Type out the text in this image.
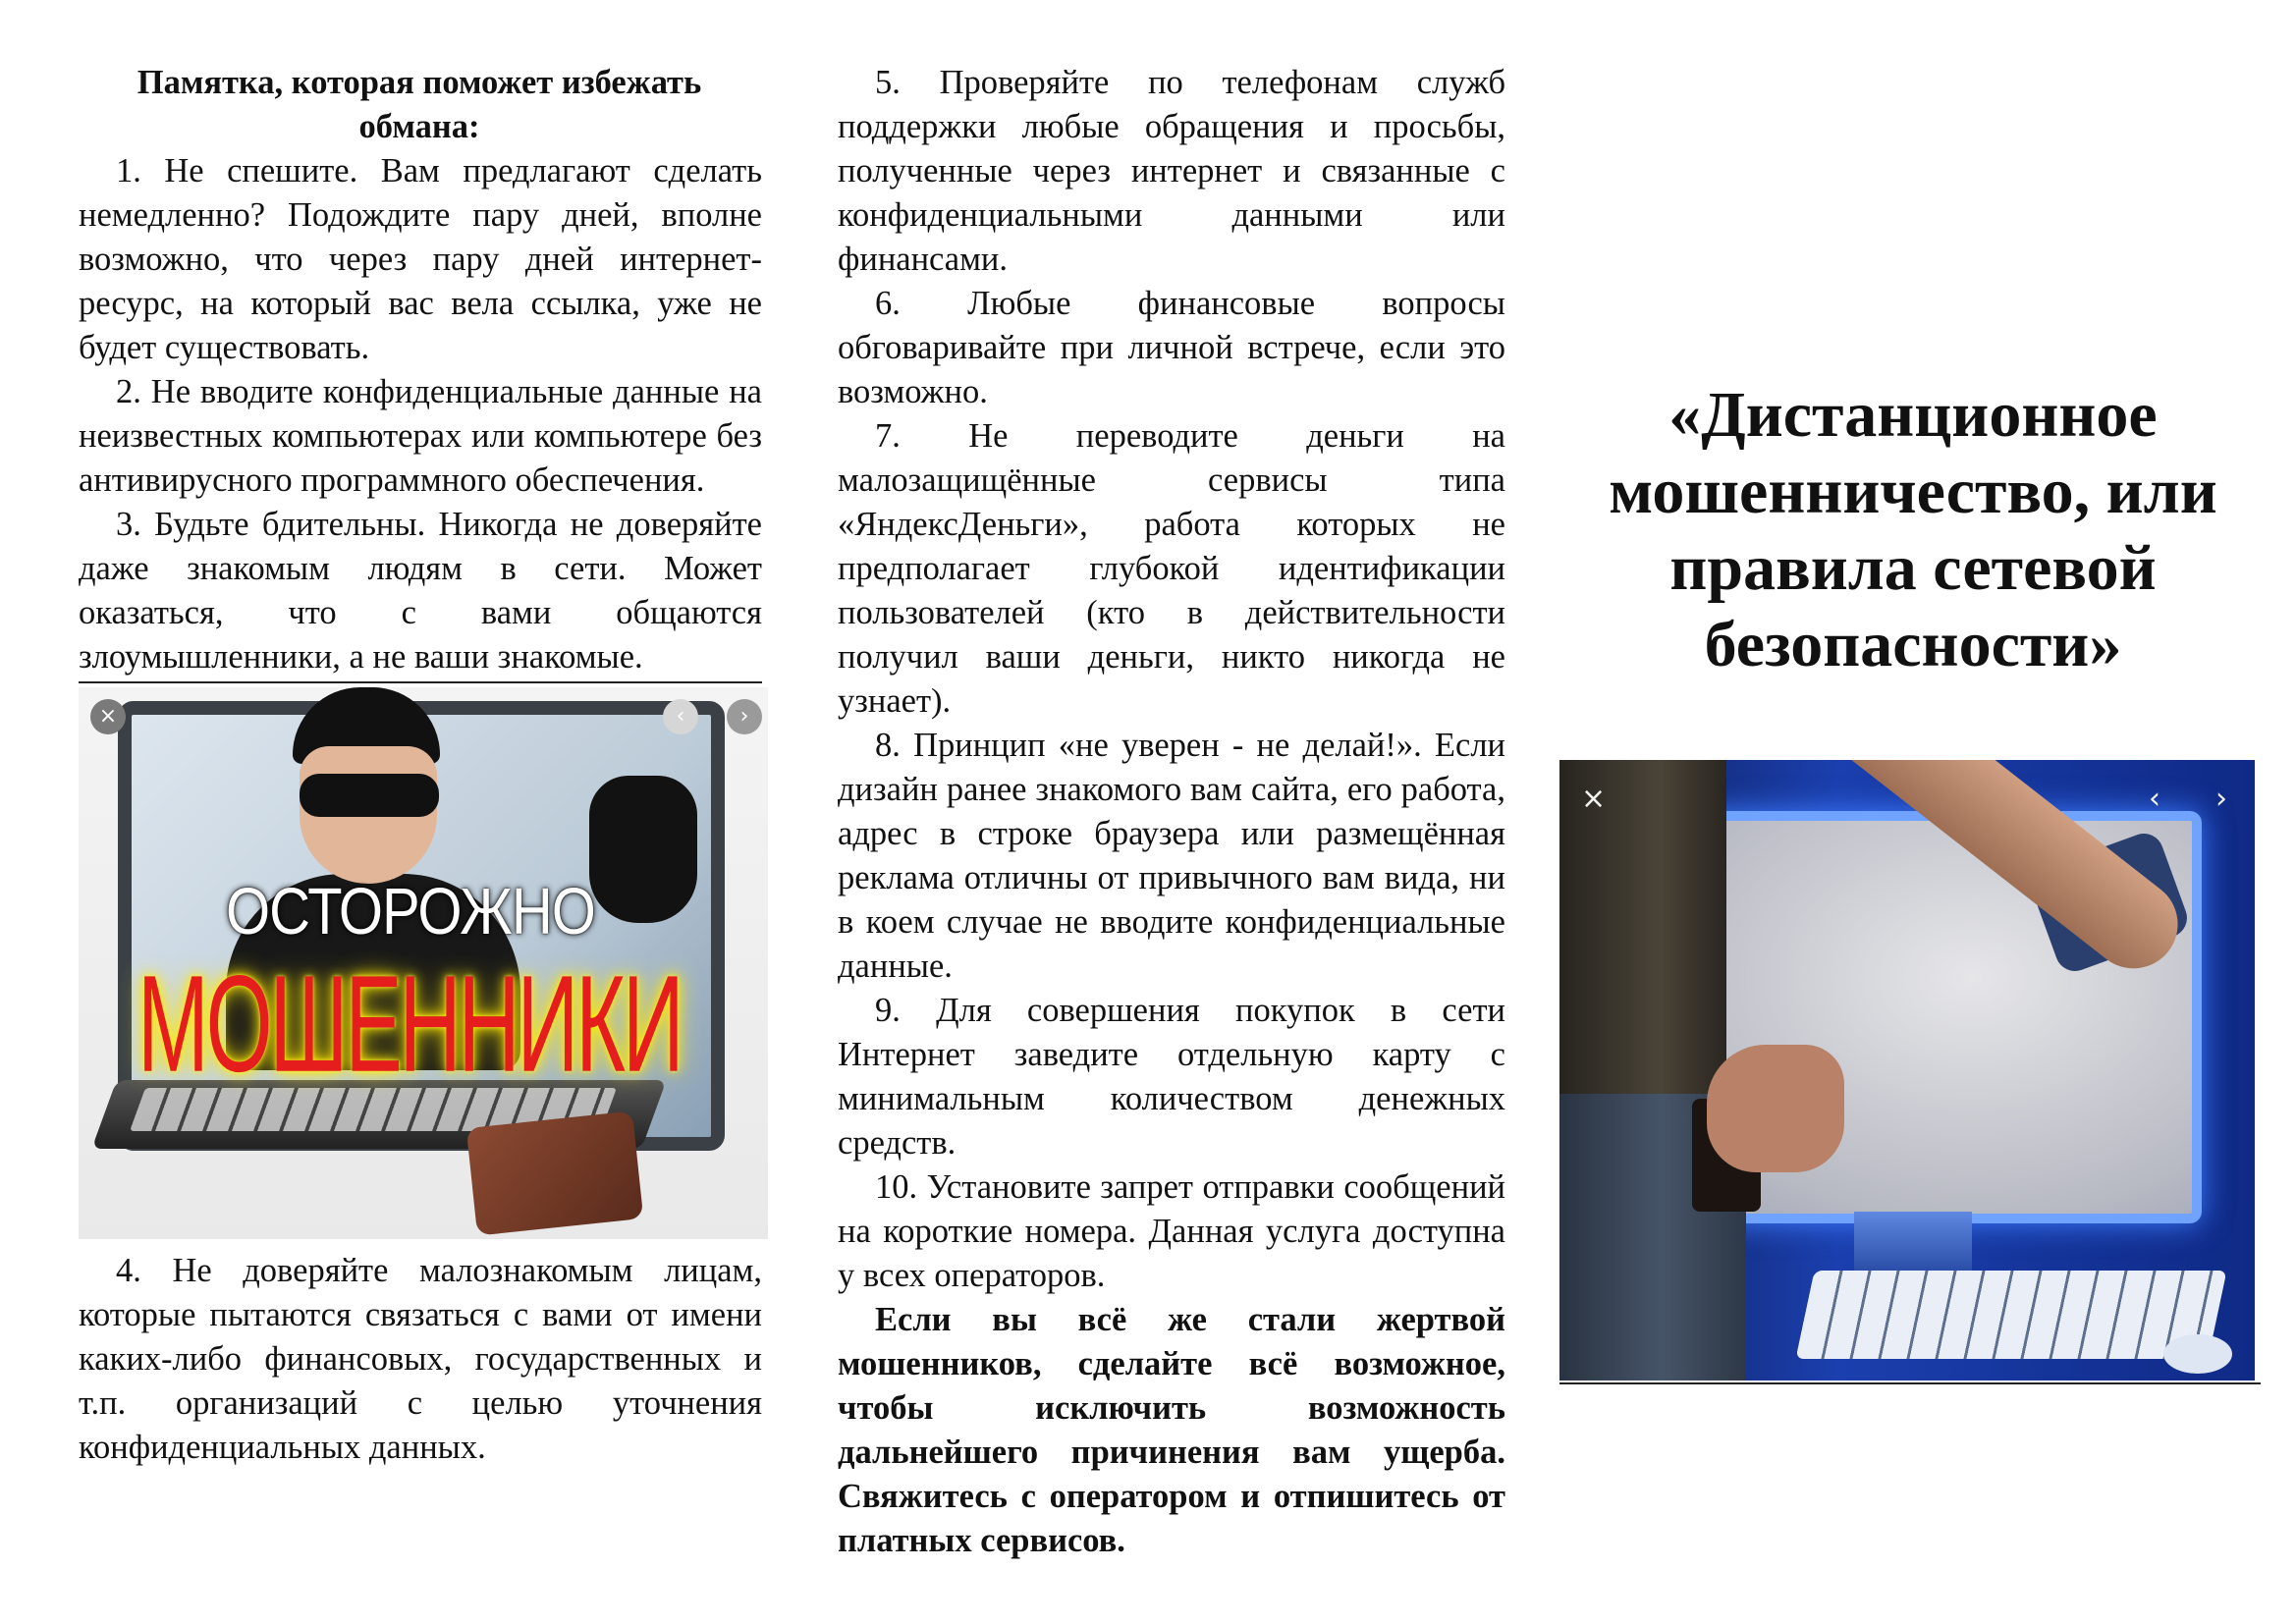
Памятка, которая поможет избежать обмана:

1. Не спешите. Вам предлагают сделать немедленно? Подождите пару дней, вполне возможно, что через пару дней интернет-ресурс, на который вас вела ссылка, уже не будет существовать.

2. Не вводите конфиденциальные данные на неизвестных компьютерах или компьютере без антивирусного программного обеспечения.

3. Будьте бдительны. Никогда не доверяйте даже знакомым людям в сети. Может оказаться, что с вами общаются злоумышленники, а не ваши знакомые.

ОСТОРОЖНО
МОШЕННИКИ
×	‹	›

4. Не доверяйте малознакомым лицам, которые пытаются связаться с вами от имени каких-либо финансовых, государственных и т.п. организаций с целью уточнения конфиденциальных данных.

5. Проверяйте по телефонам служб поддержки любые обращения и просьбы, полученные через интернет и связанные с конфиденциальными данными или финансами.

6. Любые финансовые вопросы обговаривайте при личной встрече, если это возможно.

7. Не переводите деньги на малозащищённые сервисы типа «ЯндексДеньги», работа которых не предполагает глубокой идентификации пользователей (кто в действительности получил ваши деньги, никто никогда не узнает).

8. Принцип «не уверен - не делай!». Если дизайн ранее знакомого вам сайта, его работа, адрес в строке браузера или размещённая реклама отличны от привычного вам вида, ни в коем случае не вводите конфиденциальные данные.

9. Для совершения покупок в сети Интернет заведите отдельную карту с минимальным количеством денежных средств.

10. Установите запрет отправки сообщений на короткие номера. Данная услуга доступна у всех операторов.

Если вы всё же стали жертвой мошенников, сделайте всё возможное, чтобы исключить возможность дальнейшего причинения вам ущерба. Свяжитесь с оператором и отпишитесь от платных сервисов.

«Дистанционное мошенничество, или правила сетевой безопасности»

×	‹ ›
